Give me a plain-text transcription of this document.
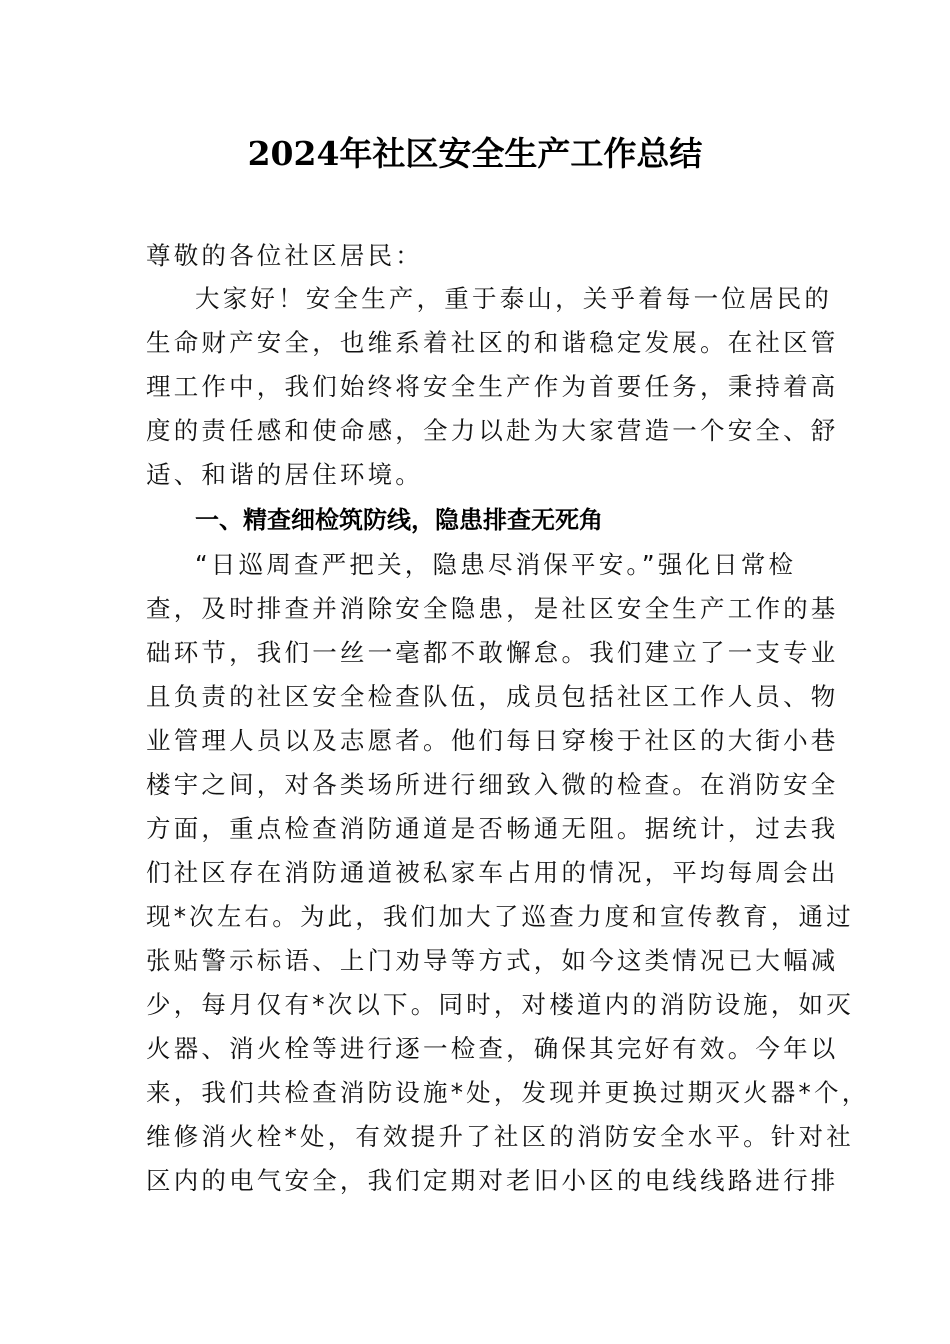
2024年社区安全生产工作总结
尊敬的各位社区居民：
大家好！安全生产，重于泰山，关乎着每一位居民的
生命财产安全，也维系着社区的和谐稳定发展。在社区管
理工作中，我们始终将安全生产作为首要任务，秉持着高
度的责任感和使命感，全力以赴为大家营造一个安全、舒
适、和谐的居住环境。
一、精查细检筑防线，隐患排查无死角
“日巡周查严把关，隐患尽消保平安。”强化日常检
查，及时排查并消除安全隐患，是社区安全生产工作的基
础环节，我们一丝一毫都不敢懈怠。我们建立了一支专业
且负责的社区安全检查队伍，成员包括社区工作人员、物
业管理人员以及志愿者。他们每日穿梭于社区的大街小巷
楼宇之间，对各类场所进行细致入微的检查。在消防安全
方面，重点检查消防通道是否畅通无阻。据统计，过去我
们社区存在消防通道被私家车占用的情况，平均每周会出
现*次左右。为此，我们加大了巡查力度和宣传教育，通过
张贴警示标语、上门劝导等方式，如今这类情况已大幅减
少，每月仅有*次以下。同时，对楼道内的消防设施，如灭
火器、消火栓等进行逐一检查，确保其完好有效。今年以
来，我们共检查消防设施*处，发现并更换过期灭火器*个，
维修消火栓*处，有效提升了社区的消防安全水平。针对社
区内的电气安全，我们定期对老旧小区的电线线路进行排
